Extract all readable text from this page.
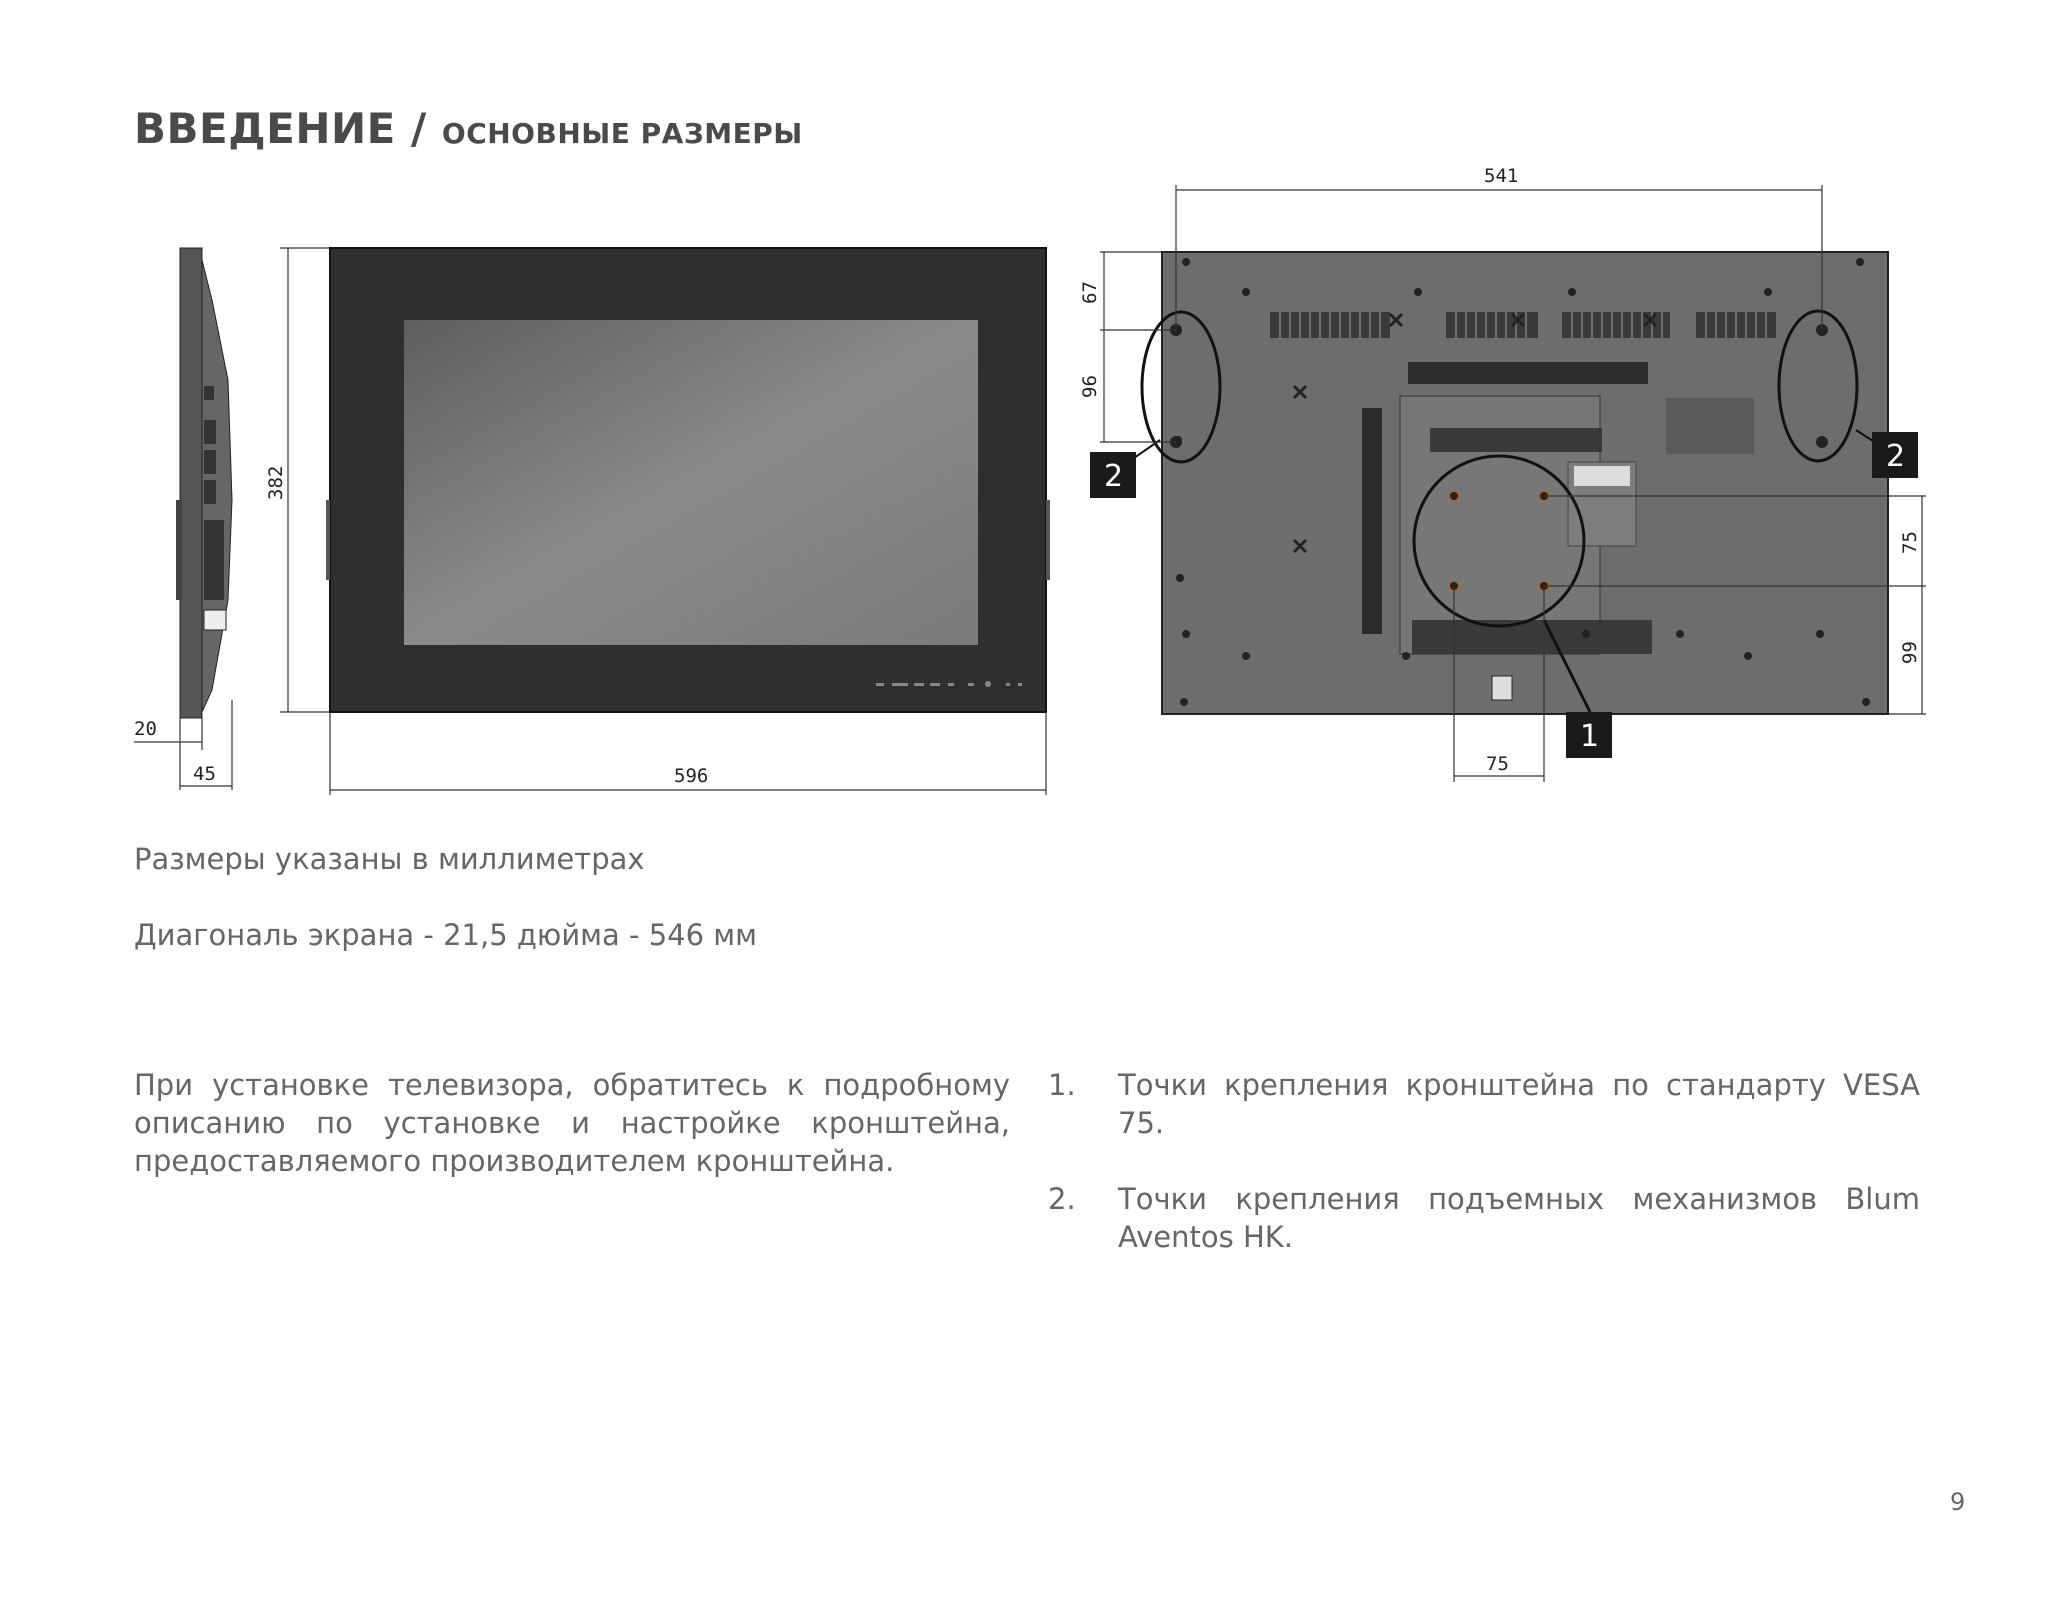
ВВЕДЕНИЕ / ОСНОВНЫЕ РАЗМЕРЫ
20
45
382
596
541
67
96
75
99
75
2
2
1
Размеры указаны в миллиметрах
Диагональ экрана - 21,5 дюйма - 546 мм
При установке телевизора, обратитесь к подробному описанию по установке и настройке кронштейна, предоставляемого производителем кронштейна.
1.	Точки крепления кронштейна по стандарту VESA 75.
2.	Точки крепления подъемных механизмов Blum Aventos HK.
9
